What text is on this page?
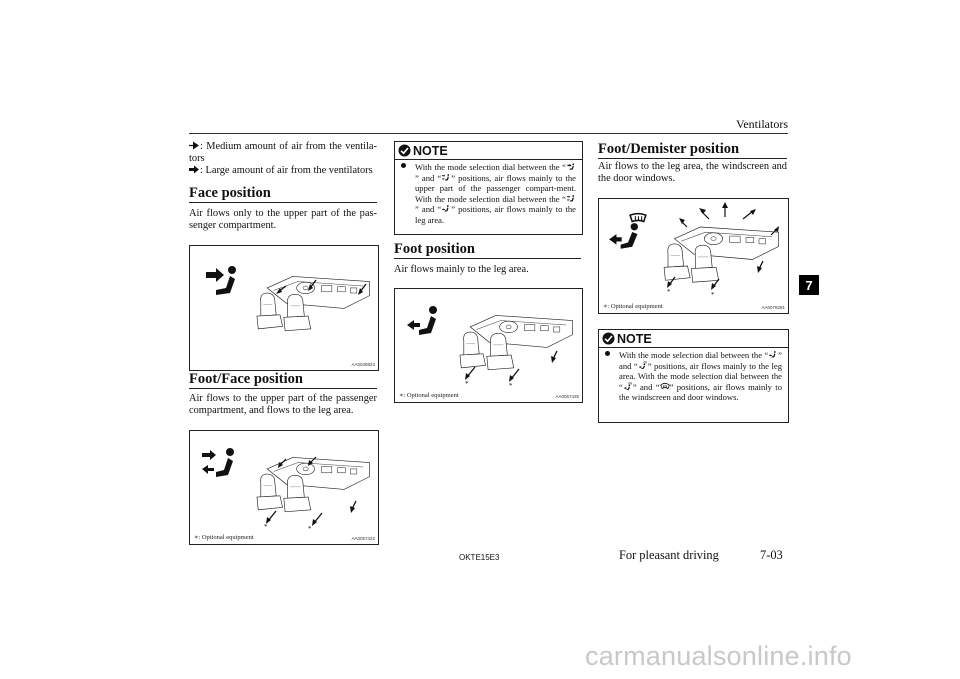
Ventilators
7
: Medium amount of air from the ventila-tors
: Large amount of air from the ventilators
Face position
Air flows only to the upper part of the pas-senger compartment.
AA0049823
Foot/Face position
Air flows to the upper part of the passenger compartment, and flows to the leg area.
*	*
∗: Optional equipment	AA0057422
NOTE
With the mode selection dial between the “
” and “ ” positions, air flows mainly to the upper part of the passenger compart-ment. With the mode selection dial between the “
” and “ ” positions, air flows mainly to the leg area.
Foot position
Air flows mainly to the leg area.
*	*
∗: Optional equipment	AA0057435
Foot/Demister position
Air flows to the leg area, the windscreen and the door windows.
*	*
∗: Optional equipment	AA0078281
NOTE
With the mode selection dial between the “ ” and “ ” positions, air flows mainly to the leg area. With the mode selection dial between the “ ” and “ ” positions, air flows mainly to the windscreen and door windows.
OKTE15E3	For pleasant driving	7-03
carmanualsonline.info
